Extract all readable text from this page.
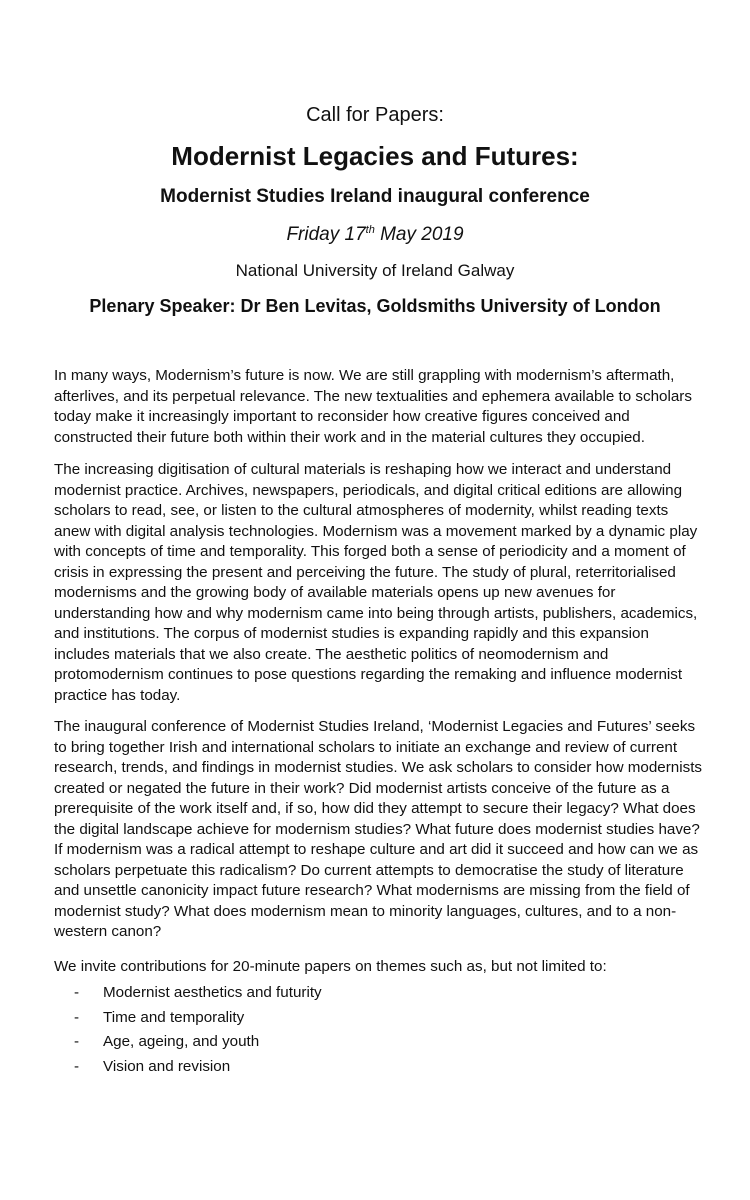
Call for Papers:
Modernist Legacies and Futures:
Modernist Studies Ireland inaugural conference
Friday 17th May 2019
National University of Ireland Galway
Plenary Speaker: Dr Ben Levitas, Goldsmiths University of London

In many ways, Modernism’s future is now. We are still grappling with modernism’s aftermath, afterlives, and its perpetual relevance. The new textualities and ephemera available to scholars today make it increasingly important to reconsider how creative figures conceived and constructed their future both within their work and in the material cultures they occupied.

The increasing digitisation of cultural materials is reshaping how we interact and understand modernist practice. Archives, newspapers, periodicals, and digital critical editions are allowing scholars to read, see, or listen to the cultural atmospheres of modernity, whilst reading texts anew with digital analysis technologies. Modernism was a movement marked by a dynamic play with concepts of time and temporality. This forged both a sense of periodicity and a moment of crisis in expressing the present and perceiving the future. The study of plural, reterritorialised modernisms and the growing body of available materials opens up new avenues for understanding how and why modernism came into being through artists, publishers, academics, and institutions. The corpus of modernist studies is expanding rapidly and this expansion includes materials that we also create. The aesthetic politics of neomodernism and protomodernism continues to pose questions regarding the remaking and influence modernist practice has today.

The inaugural conference of Modernist Studies Ireland, ‘Modernist Legacies and Futures’ seeks to bring together Irish and international scholars to initiate an exchange and review of current research, trends, and findings in modernist studies. We ask scholars to consider how modernists created or negated the future in their work? Did modernist artists conceive of the future as a prerequisite of the work itself and, if so, how did they attempt to secure their legacy? What does the digital landscape achieve for modernism studies? What future does modernist studies have? If modernism was a radical attempt to reshape culture and art did it succeed and how can we as scholars perpetuate this radicalism? Do current attempts to democratise the study of literature and unsettle canonicity impact future research? What modernisms are missing from the field of modernist study? What does modernism mean to minority languages, cultures, and to a non-western canon?

We invite contributions for 20-minute papers on themes such as, but not limited to:

- Modernist aesthetics and futurity
- Time and temporality
- Age, ageing, and youth
- Vision and revision
